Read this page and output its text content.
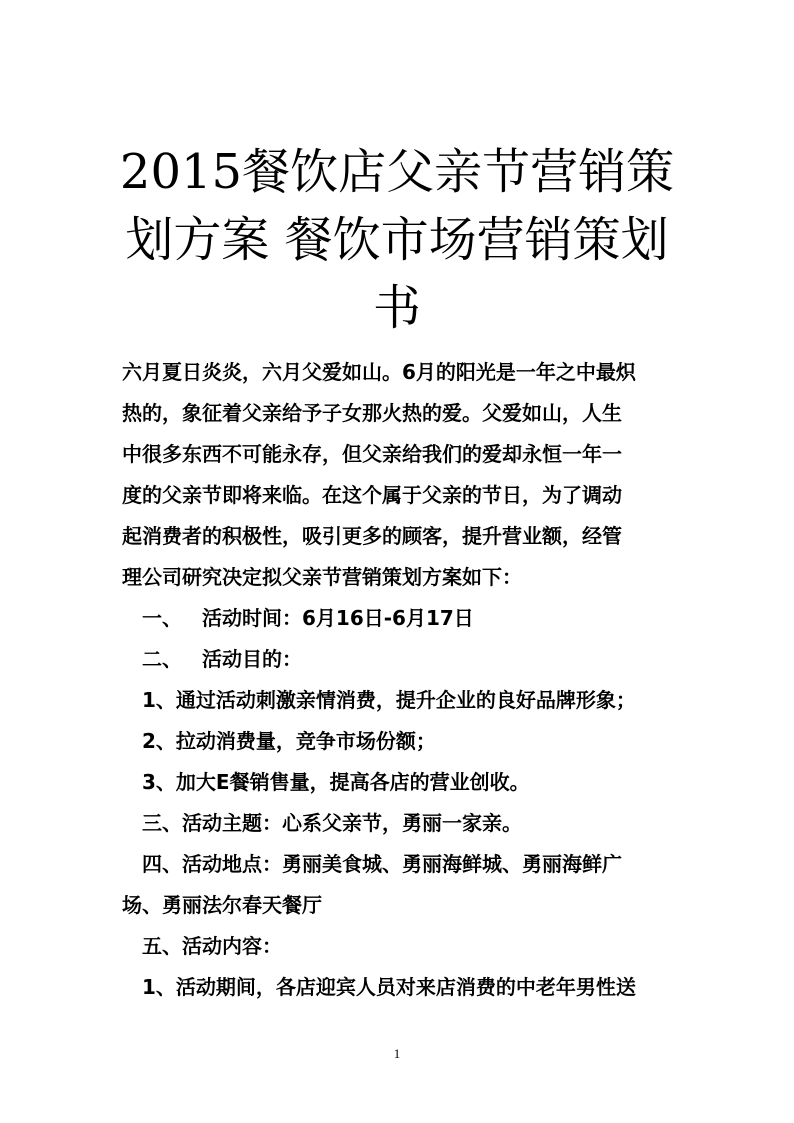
2015餐饮店父亲节营销策
划方案 餐饮市场营销策划
书
六月夏日炎炎，六月父爱如山。6月的阳光是一年之中最炽
热的，象征着父亲给予子女那火热的爱。父爱如山，人生
中很多东西不可能永存，但父亲给我们的爱却永恒一年一
度的父亲节即将来临。在这个属于父亲的节日，为了调动
起消费者的积极性，吸引更多的顾客，提升营业额，经管
理公司研究决定拟父亲节营销策划方案如下：

一、 活动时间：6月16日-6月17日

二、 活动目的：

1、通过活动刺激亲情消费，提升企业的良好品牌形象；

2、拉动消费量，竞争市场份额；

3、加大E餐销售量，提高各店的营业创收。

三、活动主题：心系父亲节，勇丽一家亲。

四、活动地点：勇丽美食城、勇丽海鲜城、勇丽海鲜广

场、勇丽法尔春天餐厅

五、活动内容：

1、活动期间，各店迎宾人员对来店消费的中老年男性送

1
